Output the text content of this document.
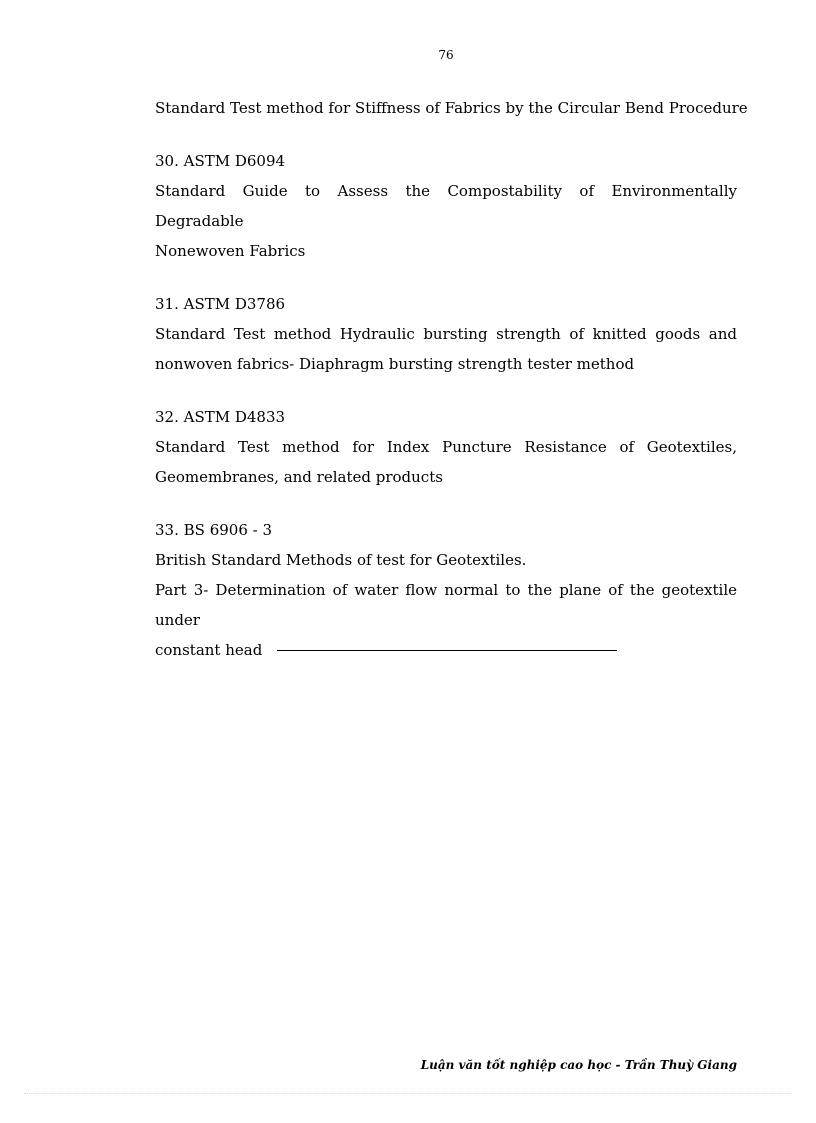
76
Standard Test method for Stiffness of Fabrics by the Circular Bend Procedure
30. ASTM D6094
Standard Guide to Assess the Compostability of Environmentally Degradable
Nonewoven Fabrics
31. ASTM D3786
Standard Test method Hydraulic bursting strength of knitted goods and
nonwoven fabrics- Diaphragm bursting strength tester method
32. ASTM D4833
Standard Test method for Index Puncture Resistance of Geotextiles,
Geomembranes, and related products
33. BS 6906 - 3
British Standard Methods of test for Geotextiles.
Part 3- Determination of water flow normal to the plane of the geotextile under
constant head
Luận văn tốt nghiệp cao học - Trần Thuỳ Giang
